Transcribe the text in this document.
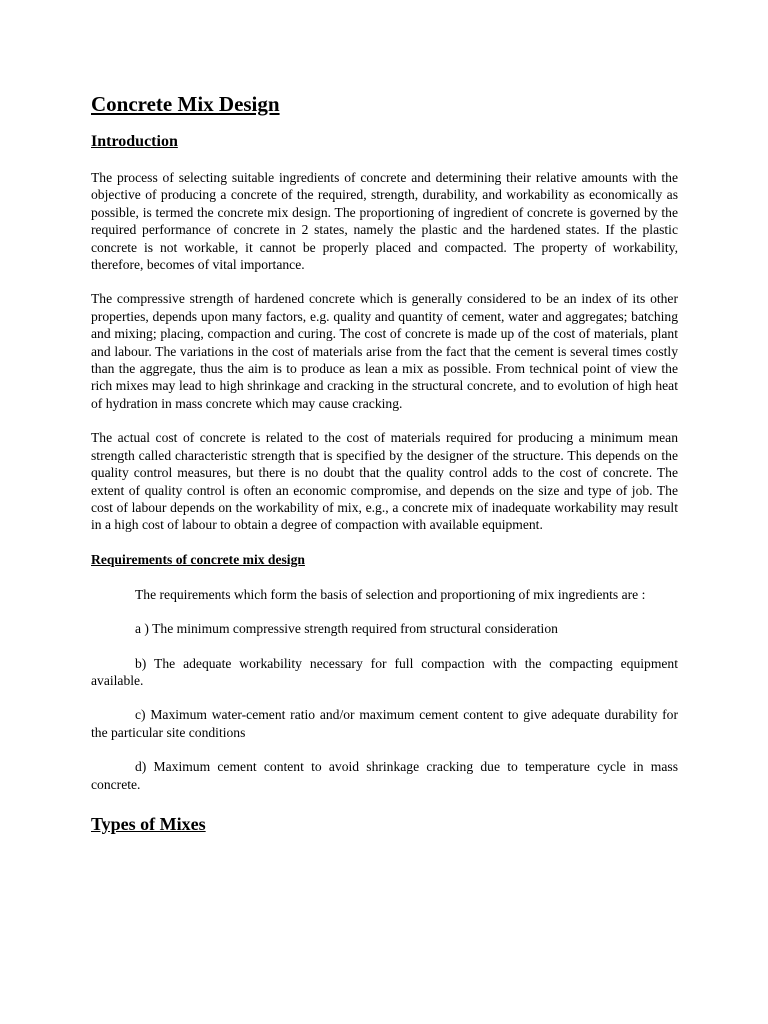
Concrete Mix Design
Introduction

The process of selecting suitable ingredients of concrete and determining their relative amounts with the objective of producing a concrete of the required, strength, durability, and workability as economically as possible, is termed the concrete mix design. The proportioning of ingredient of concrete is governed by the required performance of concrete in 2 states, namely the plastic and the hardened states. If the plastic concrete is not workable, it cannot be properly placed and compacted. The property of workability, therefore, becomes of vital importance.

The compressive strength of hardened concrete which is generally considered to be an index of its other properties, depends upon many factors, e.g. quality and quantity of cement, water and aggregates; batching and mixing; placing, compaction and curing. The cost of concrete is made up of the cost of materials, plant and labour. The variations in the cost of materials arise from the fact that the cement is several times costly than the aggregate, thus the aim is to produce as lean a mix as possible. From technical point of view the rich mixes may lead to high shrinkage and cracking in the structural concrete, and to evolution of high heat of hydration in mass concrete which may cause cracking.

The actual cost of concrete is related to the cost of materials required for producing a minimum mean strength called characteristic strength that is specified by the designer of the structure. This depends on the quality control measures, but there is no doubt that the quality control adds to the cost of concrete. The extent of quality control is often an economic compromise, and depends on the size and type of job. The cost of labour depends on the workability of mix, e.g., a concrete mix of inadequate workability may result in a high cost of labour to obtain a degree of compaction with available equipment.

Requirements of concrete mix design

The requirements which form the basis of selection and proportioning of mix ingredients are :

a ) The minimum compressive strength required from structural consideration

b) The adequate workability necessary for full compaction with the compacting equipment available.

c) Maximum water-cement ratio and/or maximum cement content to give adequate durability for the particular site conditions

d) Maximum cement content to avoid shrinkage cracking due to temperature cycle in mass concrete.

Types of Mixes
